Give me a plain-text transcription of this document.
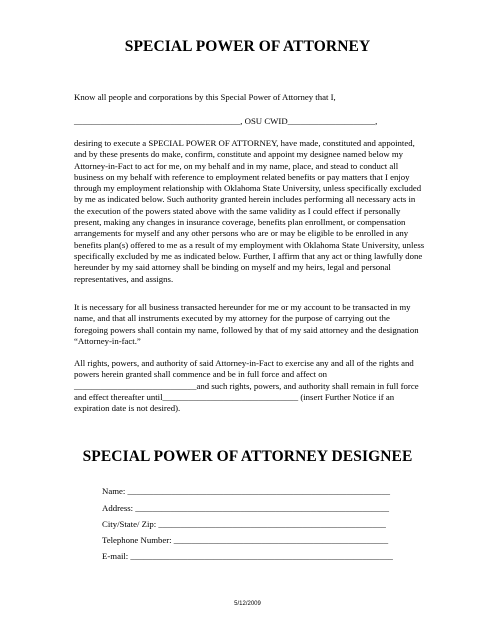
SPECIAL POWER OF ATTORNEY

Know all people and corporations by this Special Power of Attorney that I,

______________________________________, OSU CWID____________________,

desiring to execute a SPECIAL POWER OF ATTORNEY, have made, constituted and appointed, and by these presents do make, confirm, constitute and appoint my designee named below my Attorney-in-Fact to act for me, on my behalf and in my name, place, and stead to conduct all business on my behalf with reference to employment related benefits or pay matters that I enjoy through my employment relationship with Oklahoma State University, unless specifically excluded by me as indicated below. Such authority granted herein includes performing all necessary acts in the execution of the powers stated above with the same validity as I could effect if personally present, making any changes in insurance coverage, benefits plan enrollment, or compensation arrangements for myself and any other persons who are or may be eligible to be enrolled in any benefits plan(s) offered to me as a result of my employment with Oklahoma State University, unless specifically excluded by me as indicated below. Further, I affirm that any act or thing lawfully done hereunder by my said attorney shall be binding on myself and my heirs, legal and personal representatives, and assigns.

It is necessary for all business transacted hereunder for me or my account to be transacted in my name, and that all instruments executed by my attorney for the purpose of carrying out the foregoing powers shall contain my name, followed by that of my said attorney and the designation “Attorney-in-fact.”

All rights, powers, and authority of said Attorney-in-Fact to exercise any and all of the rights and powers herein granted shall commence and be in full force and affect on ____________________________and such rights, powers, and authority shall remain in full force and effect thereafter until_______________________________ (insert Further Notice if an expiration date is not desired).

SPECIAL POWER OF ATTORNEY DESIGNEE
Name: ____________________________________________________________
Address: __________________________________________________________
City/State/ Zip: ____________________________________________________
Telephone Number: _________________________________________________
E-mail: ____________________________________________________________
5/12/2009
